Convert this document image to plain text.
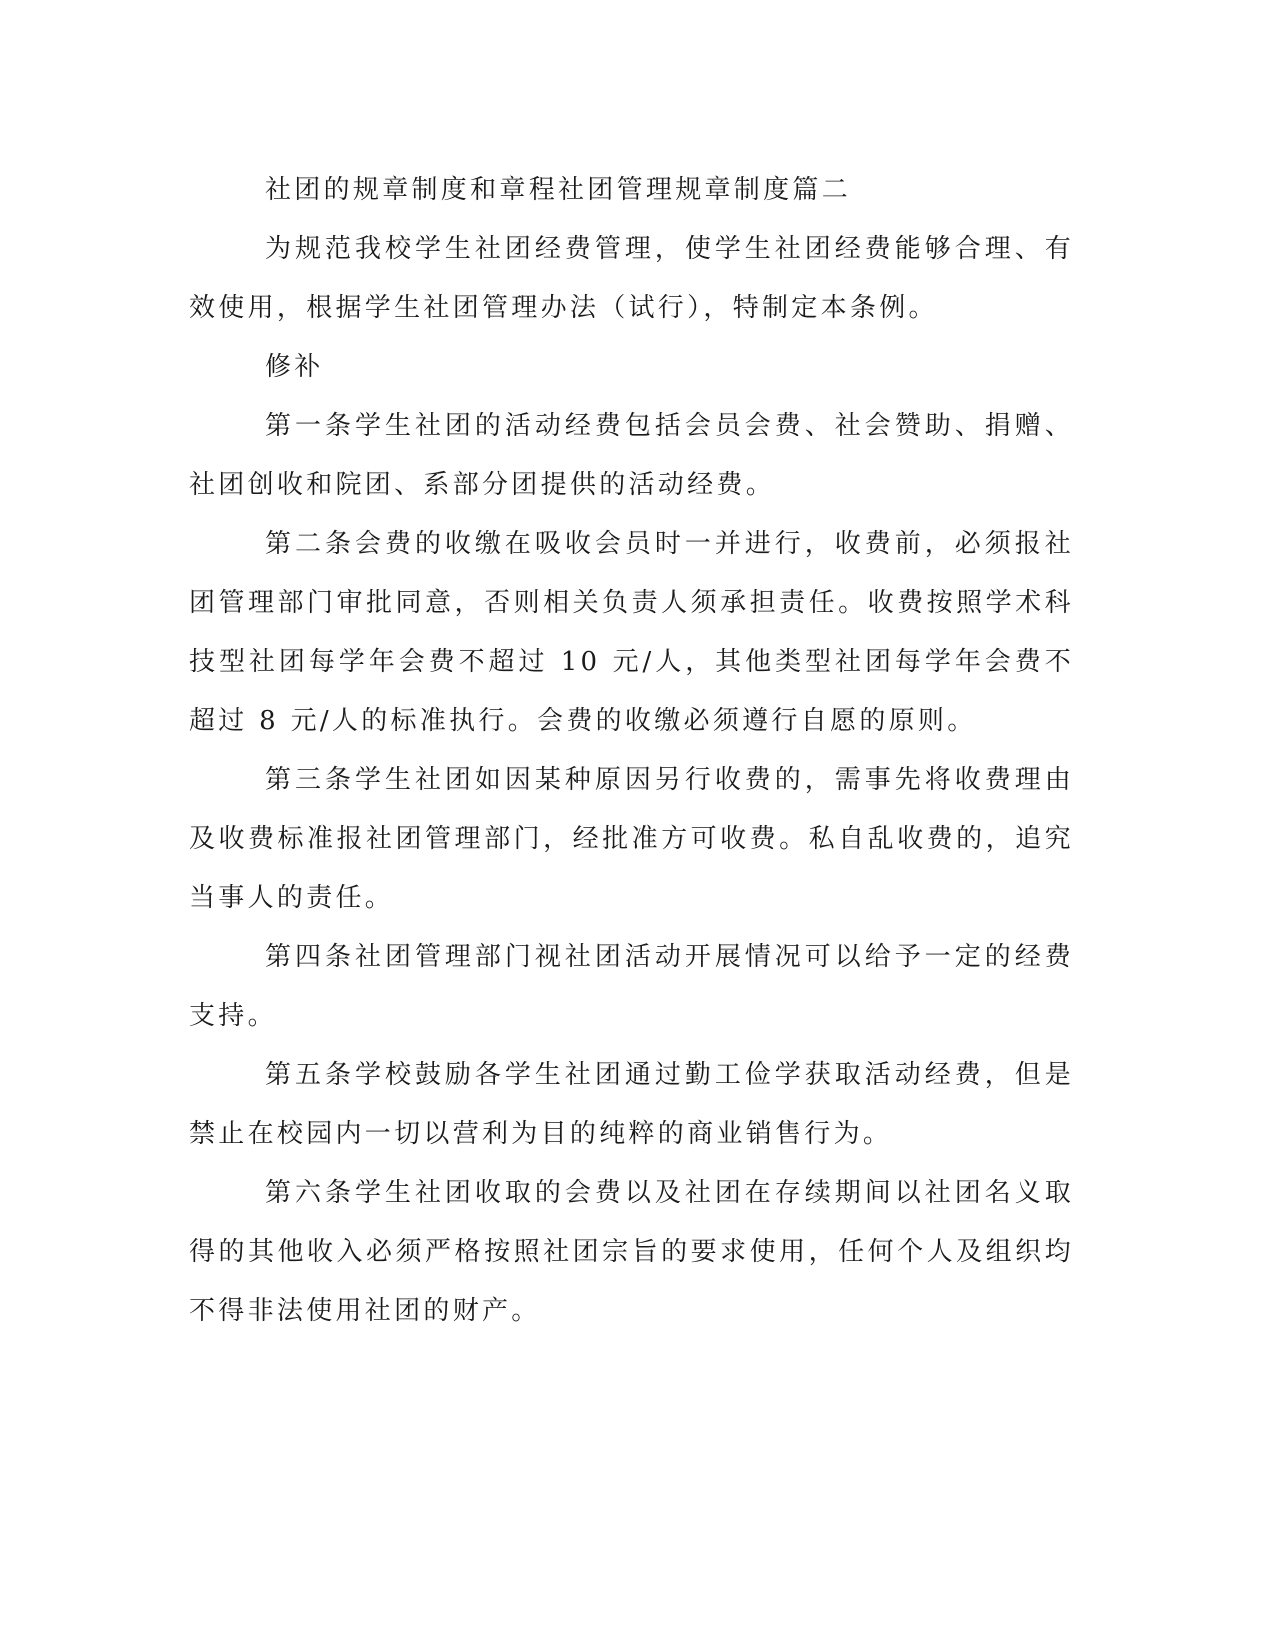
社团的规章制度和章程社团管理规章制度篇二

为规范我校学生社团经费管理，使学生社团经费能够合理、有效使用，根据学生社团管理办法（试行），特制定本条例。

修补

第一条学生社团的活动经费包括会员会费、社会赞助、捐赠、社团创收和院团、系部分团提供的活动经费。

第二条会费的收缴在吸收会员时一并进行，收费前，必须报社团管理部门审批同意，否则相关负责人须承担责任。收费按照学术科技型社团每学年会费不超过 10 元/人，其他类型社团每学年会费不超过 8 元/人的标准执行。会费的收缴必须遵行自愿的原则。

第三条学生社团如因某种原因另行收费的，需事先将收费理由及收费标准报社团管理部门，经批准方可收费。私自乱收费的，追究当事人的责任。

第四条社团管理部门视社团活动开展情况可以给予一定的经费支持。

第五条学校鼓励各学生社团通过勤工俭学获取活动经费，但是禁止在校园内一切以营利为目的纯粹的商业销售行为。

第六条学生社团收取的会费以及社团在存续期间以社团名义取得的其他收入必须严格按照社团宗旨的要求使用，任何个人及组织均不得非法使用社团的财产。
